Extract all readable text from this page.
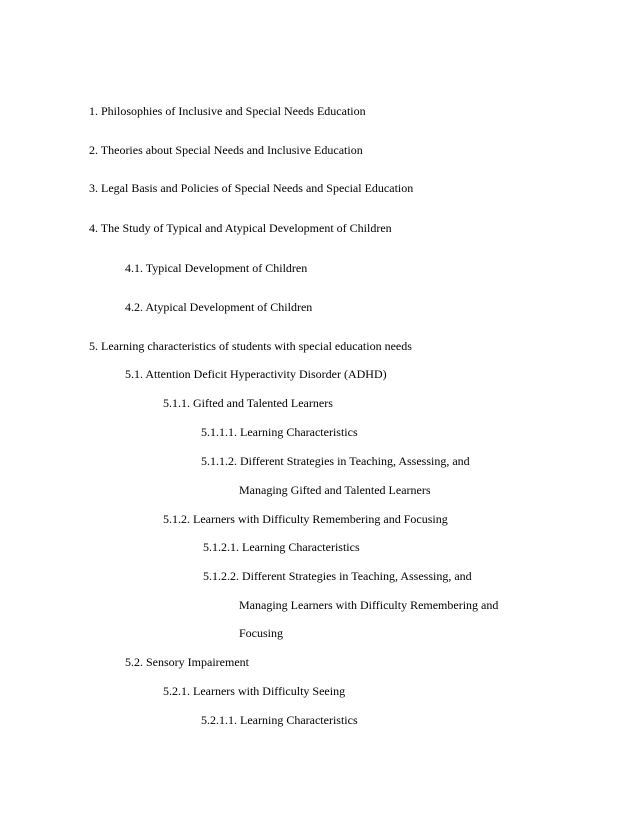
1. Philosophies of Inclusive and Special Needs Education
2. Theories about Special Needs and Inclusive Education
3. Legal Basis and Policies of Special Needs and Special Education
4. The Study of Typical and Atypical Development of Children
4.1. Typical Development of Children
4.2. Atypical Development of Children
5. Learning characteristics of students with special education needs
5.1. Attention Deficit Hyperactivity Disorder (ADHD)
5.1.1. Gifted and Talented Learners
5.1.1.1. Learning Characteristics
5.1.1.2. Different Strategies in Teaching, Assessing, and
Managing Gifted and Talented Learners
5.1.2. Learners with Difficulty Remembering and Focusing
5.1.2.1. Learning Characteristics
5.1.2.2. Different Strategies in Teaching, Assessing, and
Managing Learners with Difficulty Remembering and
Focusing
5.2. Sensory Impairement
5.2.1. Learners with Difficulty Seeing
5.2.1.1. Learning Characteristics
